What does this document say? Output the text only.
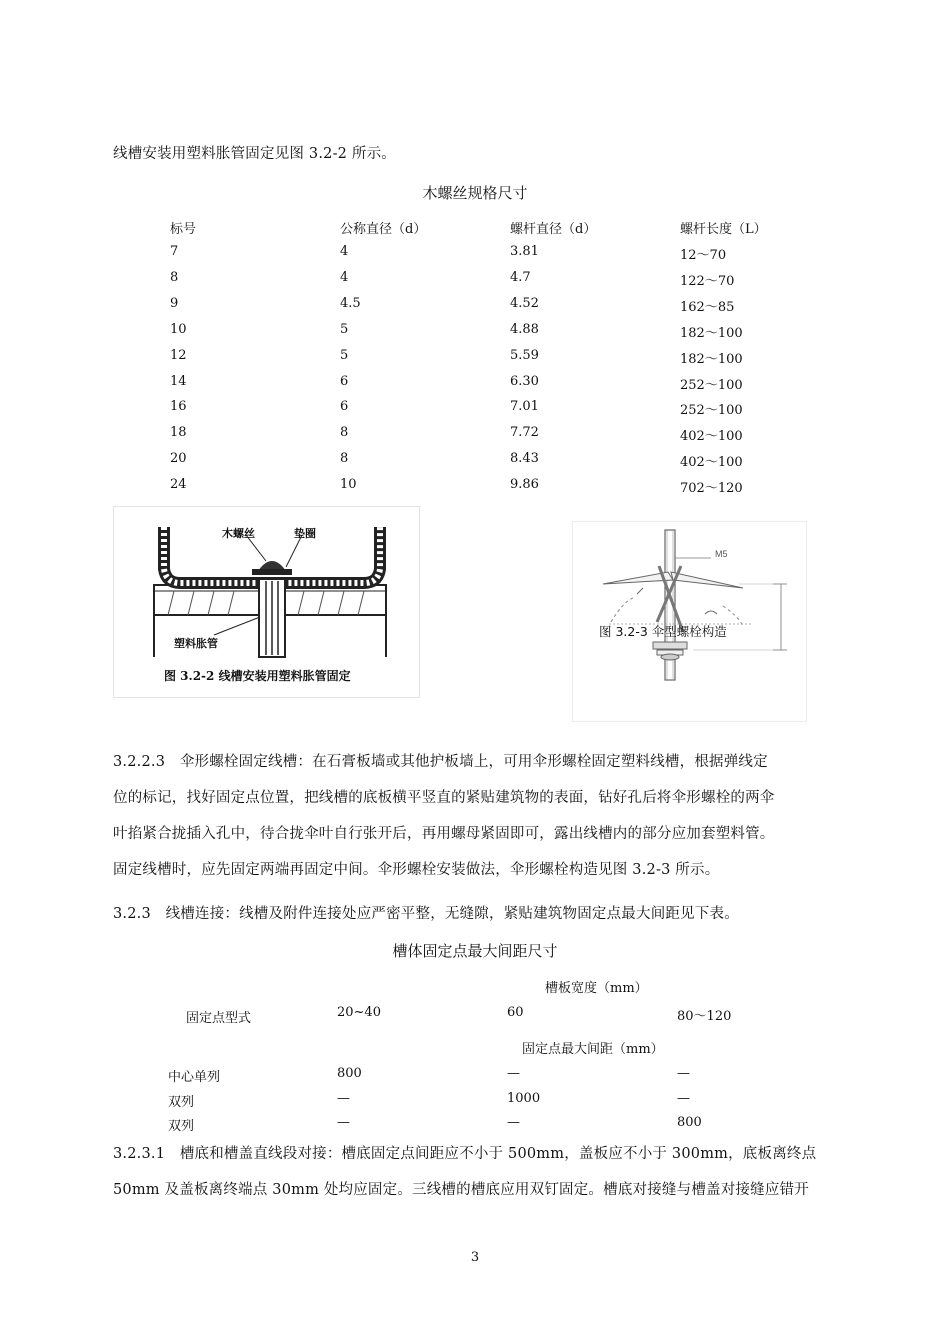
线槽安装用塑料胀管固定见图 3.2-2 所示。
木螺丝规格尺寸
标号	公称直径（d）	螺杆直径（d）	螺杆长度（L）
7	4	3.81	12～70
8	4	4.7	122～70
9	4.5	4.52	162～85
10	5	4.88	182～100
12	5	5.59	182～100
14	6	6.30	252～100
16	6	7.01	252～100
18	8	7.72	402～100
20	8	8.43	402～100
24	10	9.86	702～120
木螺丝	垫圈
塑料胀管
图 3.2-2 线槽安装用塑料胀管固定
M5
图 3.2-3 伞型螺栓构造
3.2.2.3　伞形螺栓固定线槽：在石膏板墙或其他护板墙上，可用伞形螺栓固定塑料线槽，根据弹线定
位的标记，找好固定点位置，把线槽的底板横平竖直的紧贴建筑物的表面，钻好孔后将伞形螺栓的两伞
叶掐紧合拢插入孔中，待合拢伞叶自行张开后，再用螺母紧固即可，露出线槽内的部分应加套塑料管。
固定线槽时，应先固定两端再固定中间。伞形螺栓安装做法，伞形螺栓构造见图 3.2-3 所示。
3.2.3　线槽连接：线槽及附件连接处应严密平整，无缝隙，紧贴建筑物固定点最大间距见下表。
槽体固定点最大间距尺寸
槽板宽度（mm）
固定点型式	20~40	60	80～120
固定点最大间距（mm）
中心单列	800	—	—
双列	—	1000	—
双列	—	—	800
3.2.3.1　槽底和槽盖直线段对接：槽底固定点间距应不小于 500mm，盖板应不小于 300mm，底板离终点
50mm 及盖板离终端点 30mm 处均应固定。三线槽的槽底应用双钉固定。槽底对接缝与槽盖对接缝应错开
3
